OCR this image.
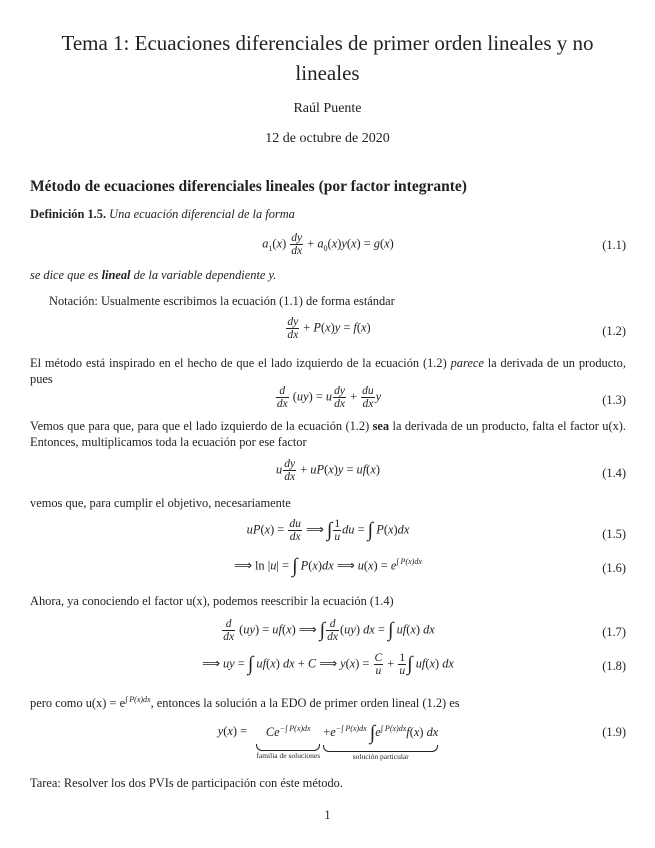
Tema 1: Ecuaciones diferenciales de primer orden lineales y no lineales
Raúl Puente
12 de octubre de 2020
Método de ecuaciones diferenciales lineales (por factor integrante)
Definición 1.5. Una ecuación diferencial de la forma
$a_1(x) \frac{dy}{dx} + a_0(x)y(x) = g(x)$	(1.1)
se dice que es lineal de la variable dependiente y.
Notación: Usualmente escribimos la ecuación (1.1) de forma estándar
$\frac{dy}{dx} + P(x)y = f(x)$	(1.2)
El método está inspirado en el hecho de que el lado izquierdo de la ecuación (1.2) parece la derivada de un producto, pues
$\frac{d}{dx} (uy) = u \frac{dy}{dx} + \frac{du}{dx}$ y	(1.3)
Vemos que para que, para que el lado izquierdo de la ecuación (1.2) sea la derivada de un producto, falta el factor u(x). Entonces, multiplicamos toda la ecuación por ese factor
u $\frac{dy}{dx} + uP(x)y = uf(x)$	(1.4)
vemos que, para cumplir el objetivo, necesariamente
$uP(x) = \frac{du}{dx}$ ⟹ ∫ $\frac{1}{u}$ du = ∫ P(x)dx	(1.5)
⟹ ln |u| = ∫ P(x)dx ⟹ $u(x) = e^{\int P(x)dx}$	(1.6)
Ahora, ya conociendo el factor u(x), podemos reescribir la ecuación (1.4)
$\frac{d}{dx} (uy) = uf(x)$ ⟹ ∫ $\frac{d}{dx} (uy)$ dx = ∫ uf(x) dx	(1.7)
⟹ uy = ∫ uf(x) dx + C ⟹ $y(x) = \frac{C}{u} + \frac{1}{u}$ ∫ uf(x) dx	(1.8)
pero como $u(x) = e^{\int P(x)dx}$, entonces la solución a la EDO de primer orden lineal (1.2) es
$y(x) = Ce^{-\int P(x)dx}$
familia de soluciones
$+e^{-\int P(x)dx}$ $\int e^{\int P(x)dx}f(x)$ dx
solución particular
(1.9)
Tarea: Resolver los dos PVIs de participación con éste método.
1
